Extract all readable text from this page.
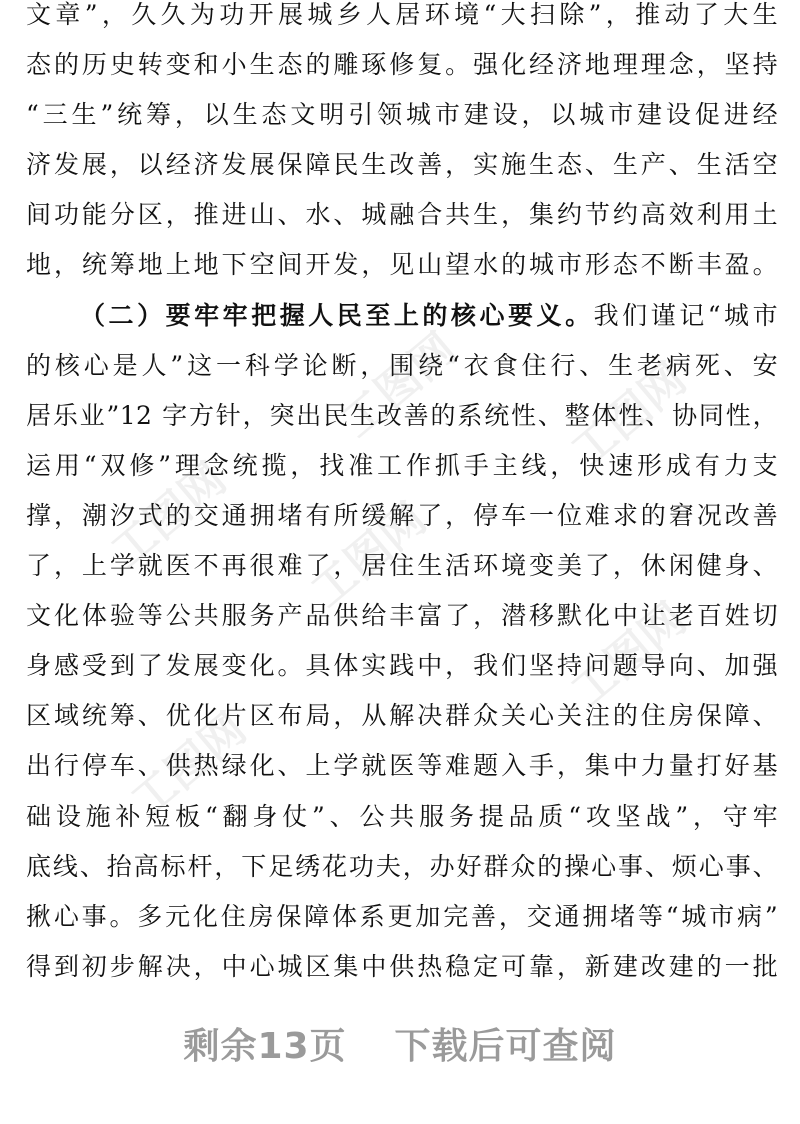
工图网 工图网
工图网
工图网
工图网
工图网
文章”，久久为功开展城乡人居环境“大扫除”，推动了大生
态的历史转变和小生态的雕琢修复。强化经济地理理念，坚持
“三生”统筹，以生态文明引领城市建设，以城市建设促进经
济发展，以经济发展保障民生改善，实施生态、生产、生活空
间功能分区，推进山、水、城融合共生，集约节约高效利用土
地，统筹地上地下空间开发，见山望水的城市形态不断丰盈。
（二）要牢牢把握人民至上的核心要义。我们谨记“城市
的核心是人”这一科学论断，围绕“衣食住行、生老病死、安
居乐业”12 字方针，突出民生改善的系统性、整体性、协同性，
运用“双修”理念统揽，找准工作抓手主线，快速形成有力支
撑，潮汐式的交通拥堵有所缓解了，停车一位难求的窘况改善
了，上学就医不再很难了，居住生活环境变美了，休闲健身、
文化体验等公共服务产品供给丰富了，潜移默化中让老百姓切
身感受到了发展变化。具体实践中，我们坚持问题导向、加强
区域统筹、优化片区布局，从解决群众关心关注的住房保障、
出行停车、供热绿化、上学就医等难题入手，集中力量打好基
础设施补短板“翻身仗”、公共服务提品质“攻坚战”，守牢
底线、抬高标杆，下足绣花功夫，办好群众的操心事、烦心事、
揪心事。多元化住房保障体系更加完善，交通拥堵等“城市病”
得到初步解决，中心城区集中供热稳定可靠，新建改建的一批
剩余13页 下载后可查阅
